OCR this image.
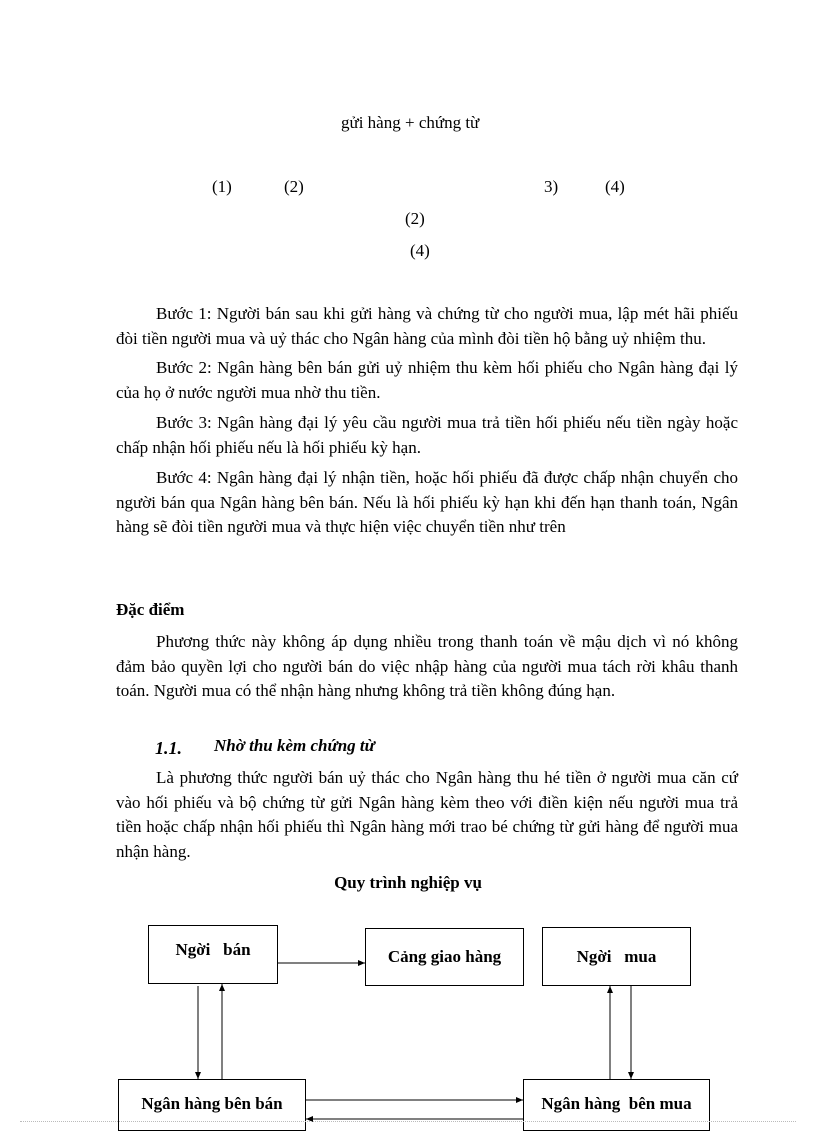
gửi hàng + chứng từ
(1)	(2)	3)	(4)
(2)
(4)

Bước 1: Người bán sau khi gửi hàng và chứng từ cho người mua, lập mét hãi phiếu đòi tiền người mua và uỷ thác cho Ngân hàng của mình đòi tiền hộ bằng uỷ nhiệm thu.

Bước 2: Ngân hàng bên bán gửi uỷ nhiệm thu kèm hối phiếu cho Ngân hàng đại lý của họ ở nước người mua nhờ thu tiền.

Bước 3: Ngân hàng đại lý yêu cầu người mua trả tiền hối phiếu nếu tiền ngày hoặc chấp nhận hối phiếu nếu là hối phiếu kỳ hạn.

Bước 4: Ngân hàng đại lý nhận tiền, hoặc hối phiếu đã được chấp nhận chuyển cho người bán qua Ngân hàng bên bán. Nếu là hối phiếu kỳ hạn khi đến hạn thanh toán, Ngân hàng sẽ đòi tiền người mua và thực hiện việc chuyển tiền như trên

Đặc điểm

Phương thức này không áp dụng nhiều trong thanh toán về mậu dịch vì nó không đảm bảo quyền lợi cho người bán do việc nhập hàng của người mua tách rời khâu thanh toán. Người mua có thể nhận hàng nhưng không trả tiền không đúng hạn.

1.1. Nhờ thu kèm chứng từ

Là phương thức người bán uỷ thác cho Ngân hàng thu hé tiền ở người mua căn cứ vào hối phiếu và bộ chứng từ gửi Ngân hàng kèm theo với điền kiện nếu người mua trả tiền hoặc chấp nhận hối phiếu thì Ngân hàng mới trao bé chứng từ gửi hàng để người mua nhận hàng.

Quy trình nghiệp vụ
Ngời   bán	Cảng giao hàng	Ngời   mua
Ngân hàng bên bán	Ngân hàng  bên mua
